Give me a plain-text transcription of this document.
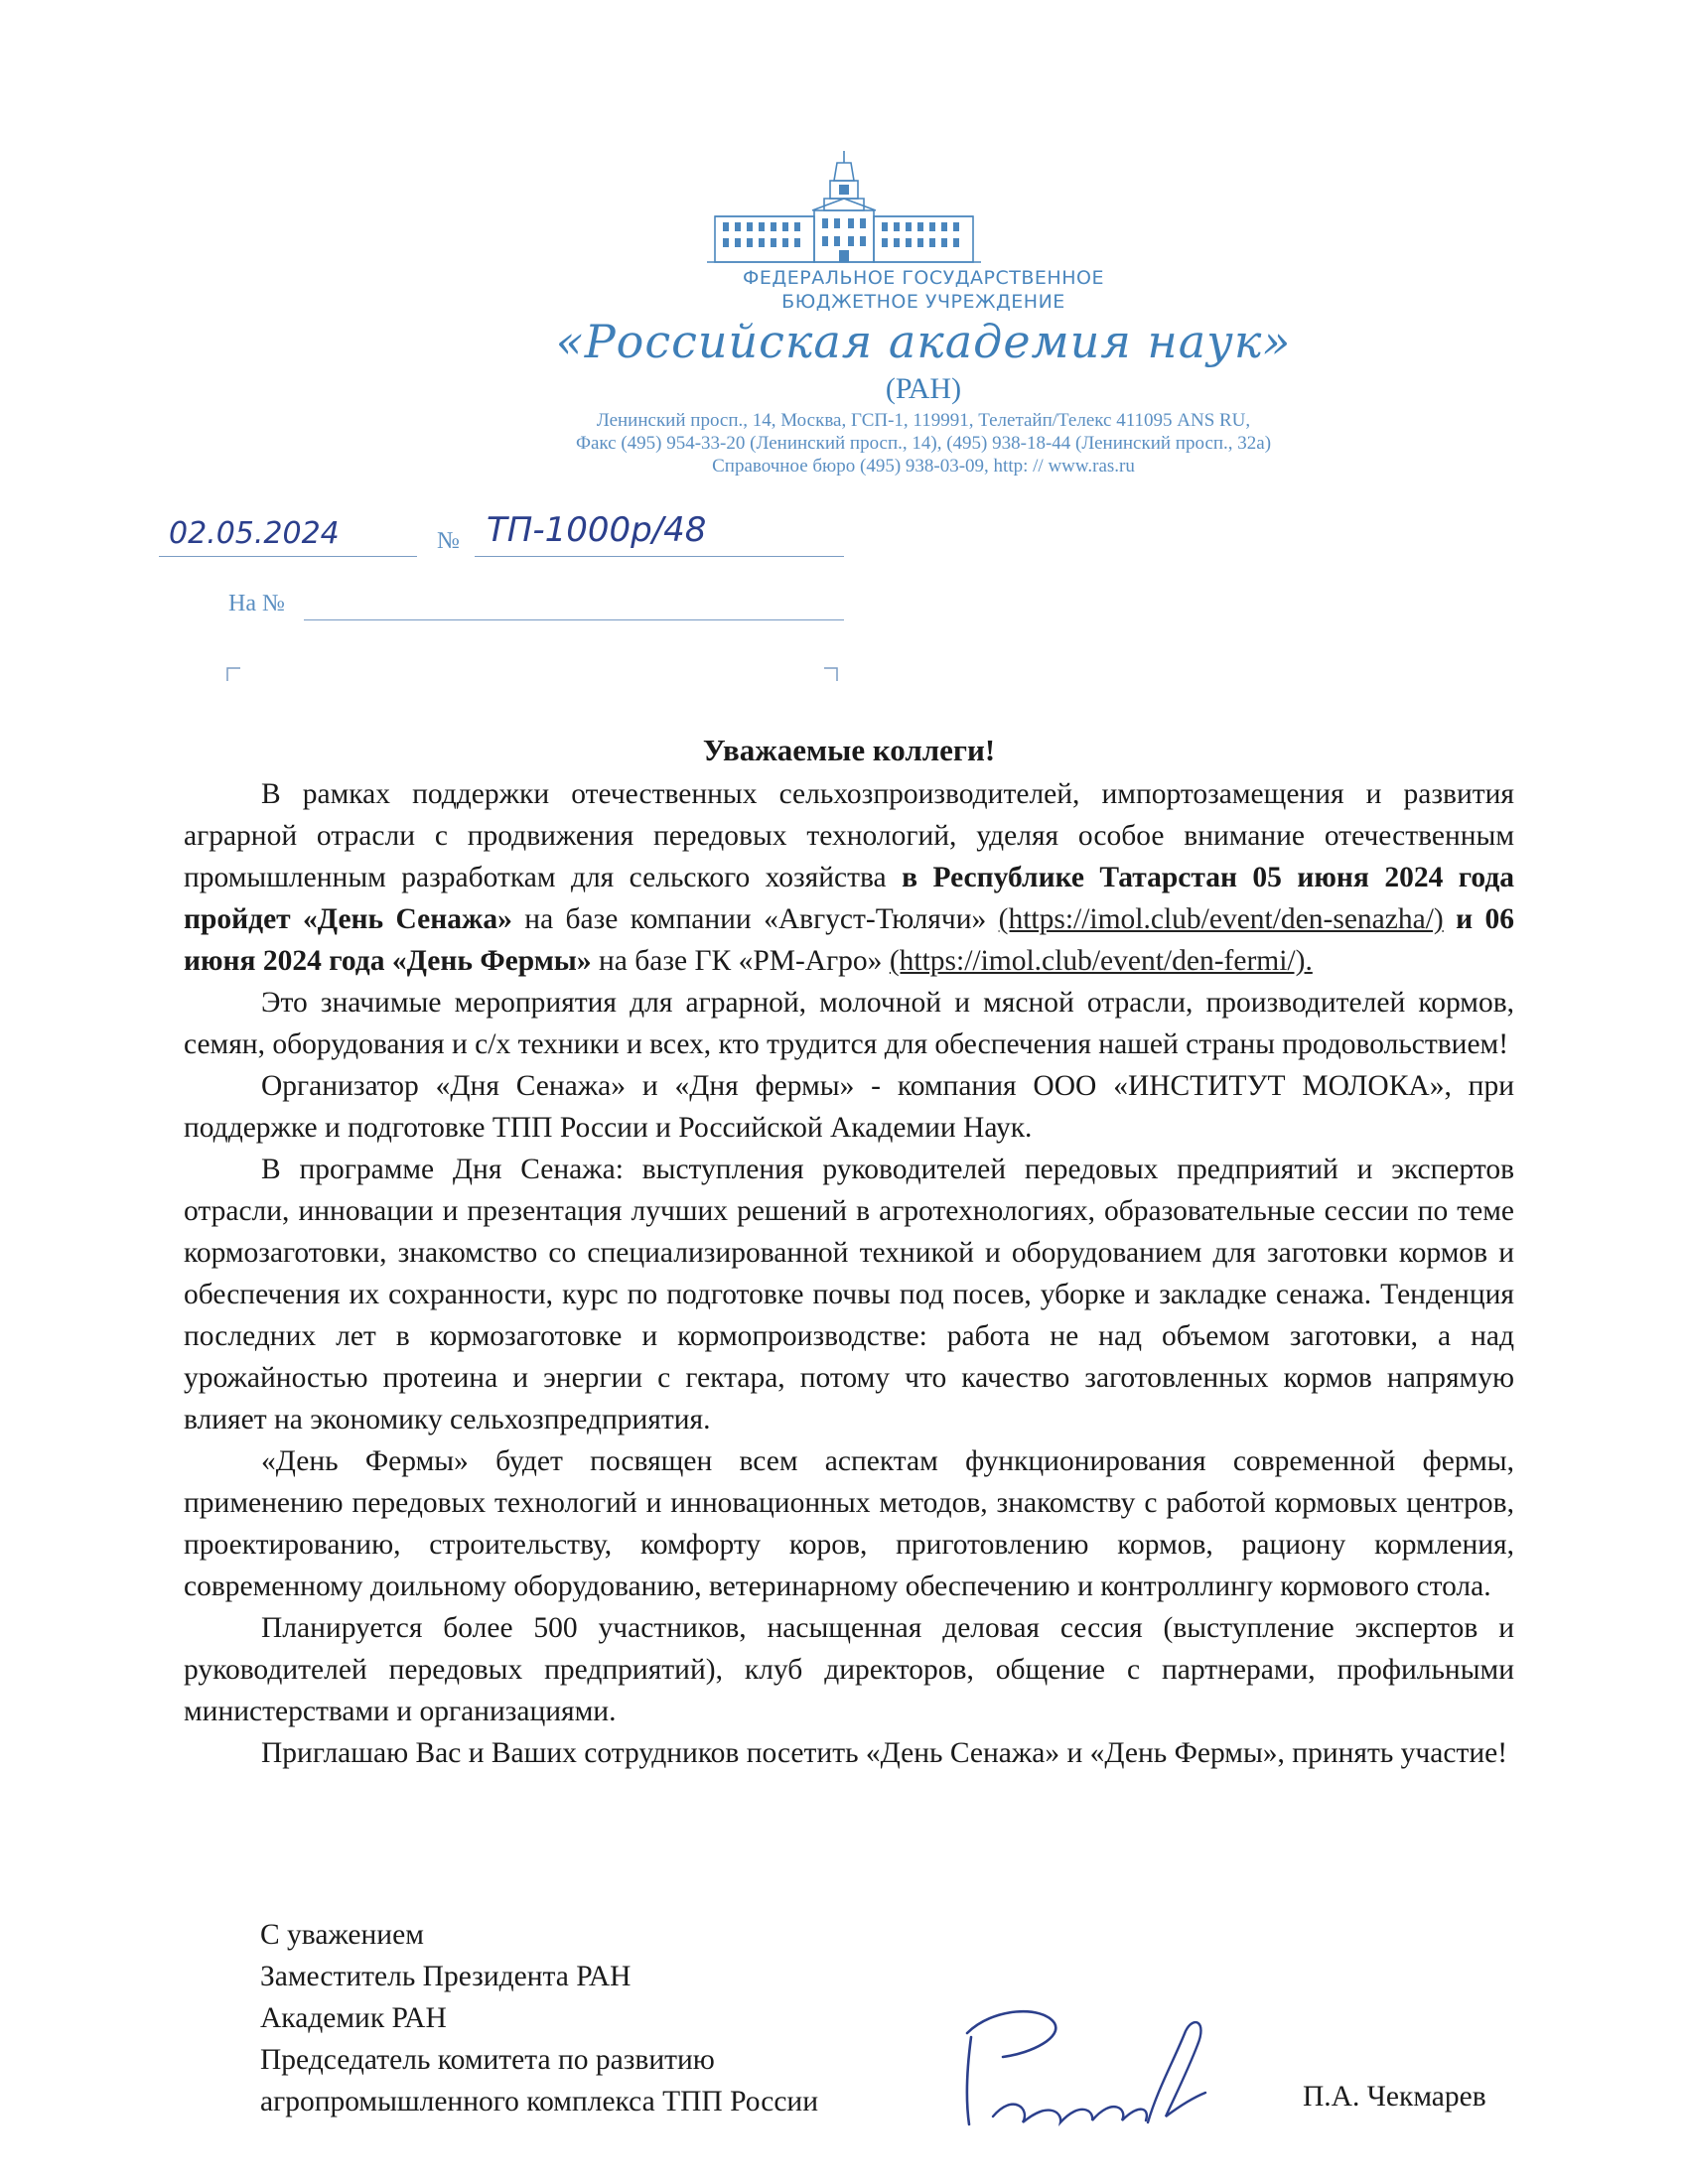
ФЕДЕРАЛЬНОЕ ГОСУДАРСТВЕННОЕ
БЮДЖЕТНОЕ УЧРЕЖДЕНИЕ
«Российская академия наук»
(РАН)
Ленинский просп., 14, Москва, ГСП-1, 119991, Телетайп/Телекс 411095 ANS RU,
Факс (495) 954-33-20 (Ленинский просп., 14), (495) 938-18-44 (Ленинский просп., 32а)
Справочное бюро (495) 938-03-09, http: // www.ras.ru
02.05.2024	№ ТП-1000р/48
На №
Уважаемые коллеги!

В рамках поддержки отечественных сельхозпроизводителей, импортозамещения и развития аграрной отрасли с продвижения передовых технологий, уделяя особое внимание отечественным промышленным разработкам для сельского хозяйства в Республике Татарстан 05 июня 2024 года пройдет «День Сенажа» на базе компании «Август-Тюлячи» (https://imol.club/event/den-senazha/) и 06 июня 2024 года «День Фермы» на базе ГК «РМ-Агро» (https://imol.club/event/den-fermi/).

Это значимые мероприятия для аграрной, молочной и мясной отрасли, производителей кормов, семян, оборудования и с/х техники и всех, кто трудится для обеспечения нашей страны продовольствием!

Организатор «Дня Сенажа» и «Дня фермы» - компания ООО «ИНСТИТУТ МОЛОКА», при поддержке и подготовке ТПП России и Российской Академии Наук.

В программе Дня Сенажа: выступления руководителей передовых предприятий и экспертов отрасли, инновации и презентация лучших решений в агротехнологиях, образовательные сессии по теме кормозаготовки, знакомство со специализированной техникой и оборудованием для заготовки кормов и обеспечения их сохранности, курс по подготовке почвы под посев, уборке и закладке сенажа. Тенденция последних лет в кормозаготовке и кормопроизводстве: работа не над объемом заготовки, а над урожайностью протеина и энергии с гектара, потому что качество заготовленных кормов напрямую влияет на экономику сельхозпредприятия.

«День Фермы» будет посвящен всем аспектам функционирования современной фермы, применению передовых технологий и инновационных методов, знакомству с работой кормовых центров, проектированию, строительству, комфорту коров, приготовлению кормов, рациону кормления, современному доильному оборудованию, ветеринарному обеспечению и контроллингу кормового стола.

Планируется более 500 участников, насыщенная деловая сессия (выступление экспертов и руководителей передовых предприятий), клуб директоров, общение с партнерами, профильными министерствами и организациями.

Приглашаю Вас и Ваших сотрудников посетить «День Сенажа» и «День Фермы», принять участие!

С уважением
Заместитель Президента РАН
Академик РАН
Председатель комитета по развитию
агропромышленного комплекса ТПП России	П.А. Чекмарев
